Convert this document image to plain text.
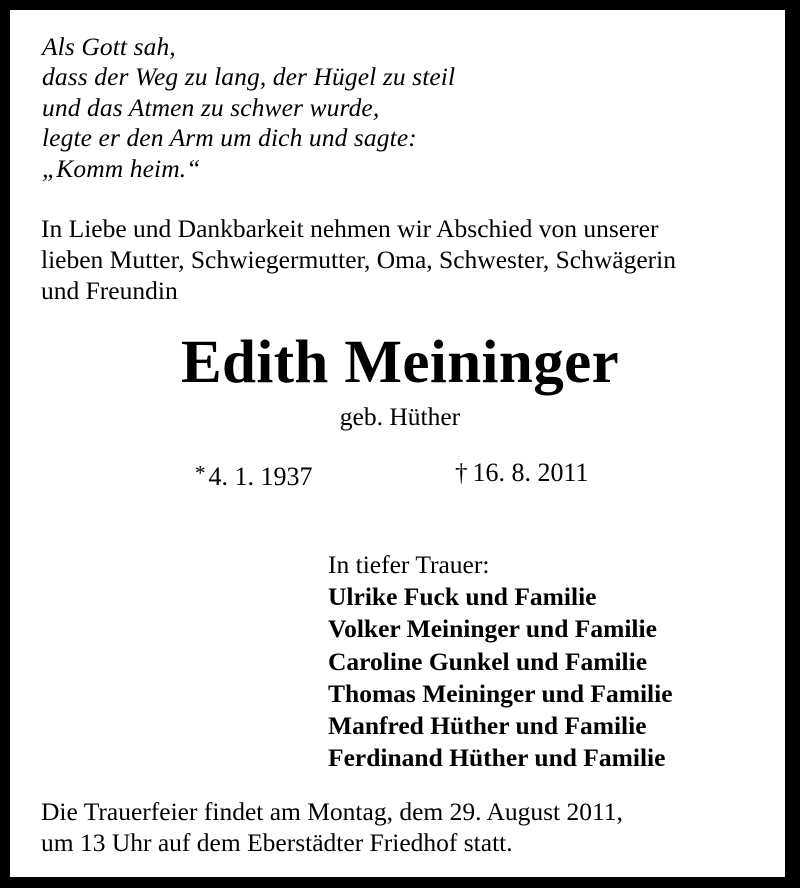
Als Gott sah,
dass der Weg zu lang, der Hügel zu steil
und das Atmen zu schwer wurde,
legte er den Arm um dich und sagte:
„Komm heim.“
In Liebe und Dankbarkeit nehmen wir Abschied von unserer
lieben Mutter, Schwiegermutter, Oma, Schwester, Schwägerin
und Freundin
Edith Meininger
geb. Hüther
* 4. 1. 1937	† 16. 8. 2011
In tiefer Trauer:
Ulrike Fuck und Familie
Volker Meininger und Familie
Caroline Gunkel und Familie
Thomas Meininger und Familie
Manfred Hüther und Familie
Ferdinand Hüther und Familie
Die Trauerfeier findet am Montag, dem 29. August 2011,
um 13 Uhr auf dem Eberstädter Friedhof statt.
